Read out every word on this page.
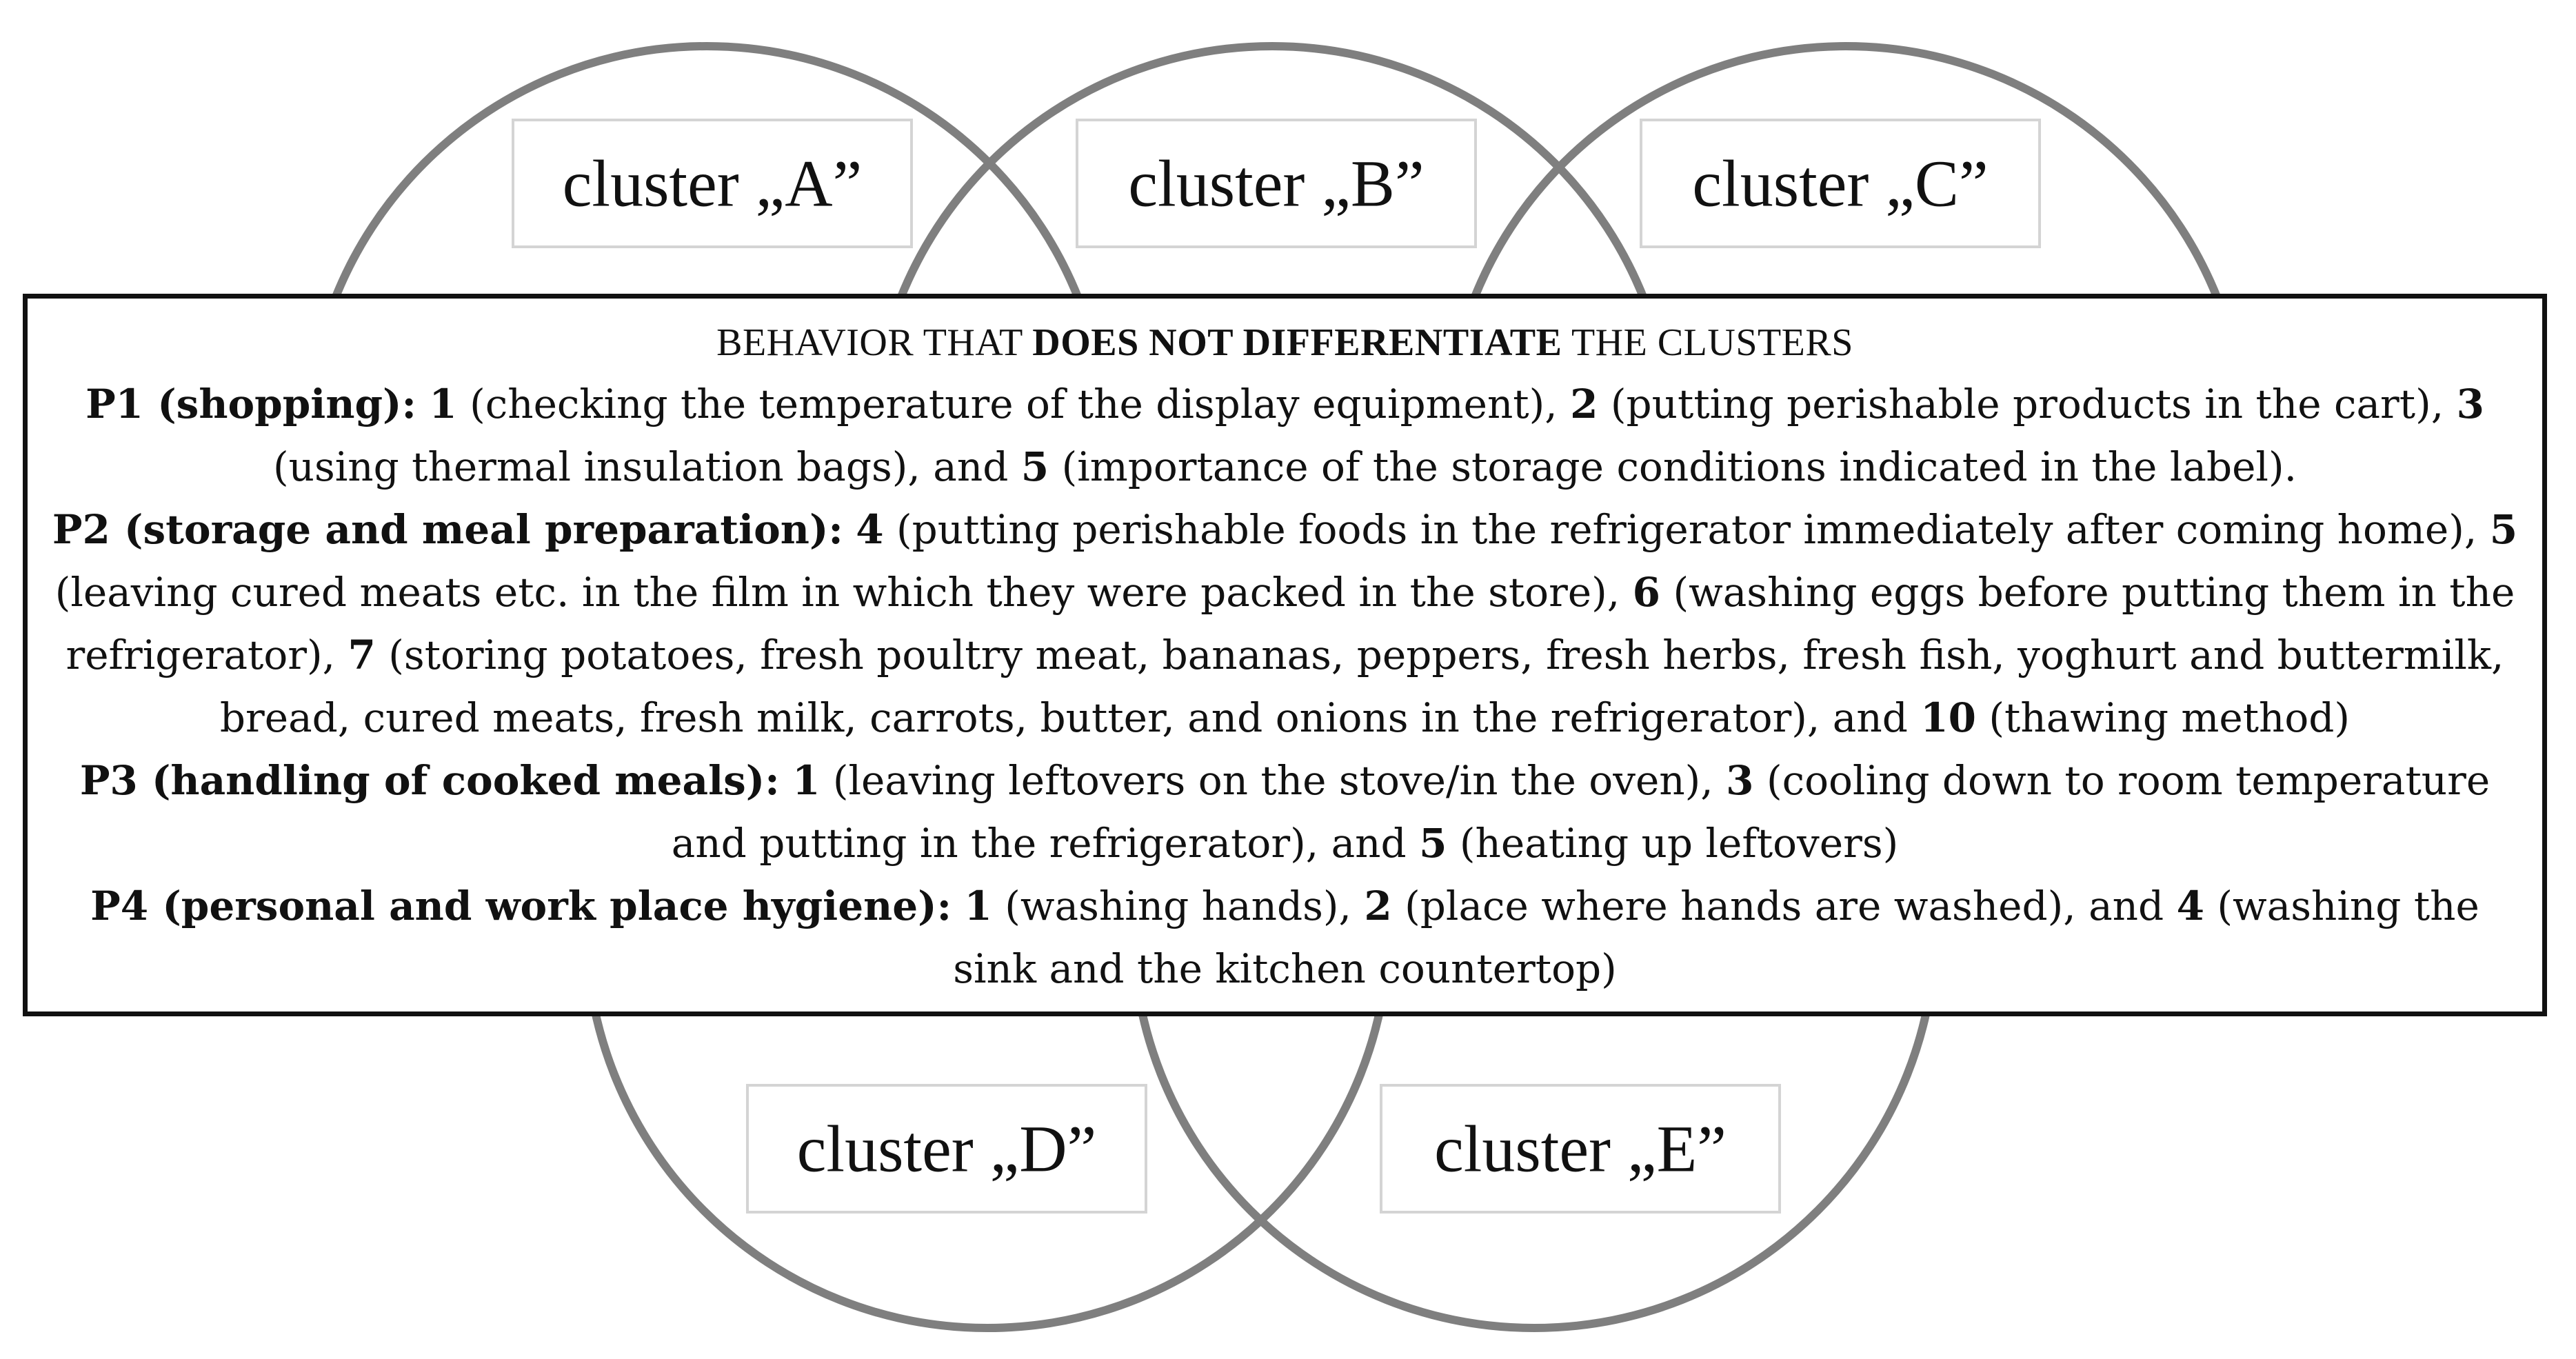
cluster „A”	cluster „B”	cluster „C”
cluster „D”	cluster „E”

BEHAVIOR THAT DOES NOT DIFFERENTIATE THE CLUSTERS

P1 (shopping): 1 (checking the temperature of the display equipment), 2 (putting perishable products in the cart), 3 (using thermal insulation bags), and 5 (importance of the storage conditions indicated in the label).

P2 (storage and meal preparation): 4 (putting perishable foods in the refrigerator immediately after coming home), 5 (leaving cured meats etc. in the film in which they were packed in the store), 6 (washing eggs before putting them in the refrigerator), 7 (storing potatoes, fresh poultry meat, bananas, peppers, fresh herbs, fresh fish, yoghurt and buttermilk, bread, cured meats, fresh milk, carrots, butter, and onions in the refrigerator), and 10 (thawing method)

P3 (handling of cooked meals): 1 (leaving leftovers on the stove/in the oven), 3 (cooling down to room temperature and putting in the refrigerator), and 5 (heating up leftovers)

P4 (personal and work place hygiene): 1 (washing hands), 2 (place where hands are washed), and 4 (washing the sink and the kitchen countertop)
